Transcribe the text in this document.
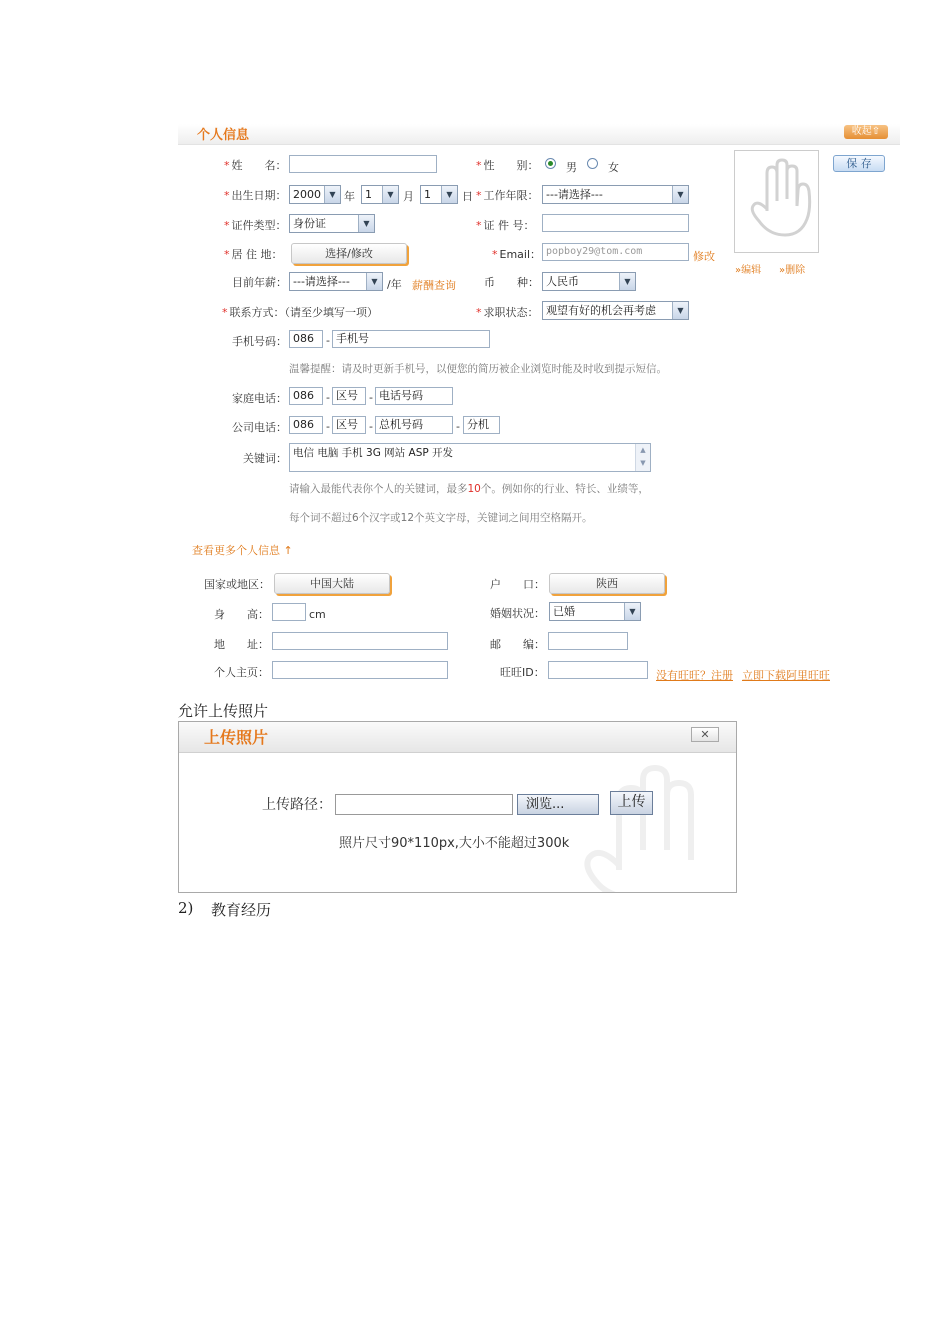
个人信息	收起⇧
* 姓　　名：	* 性　　别：	男	女	保 存
»编辑 »删除
* 出生日期： 2000	▼ 年 1	▼ 月 1	▼ 日 * 工作年限： ---请选择---	▼
* 证件类型： 身份证	▼	* 证 件 号：
* 居 住 地：	选择/修改	* Email： popboy29@tom.com	修改
目前年薪： ---请选择---	▼ /年 薪酬查询	币　　种： 人民币	▼
* 联系方式：（请至少填写一项）	* 求职状态： 观望有好的机会再考虑	▼
手机号码： 086	- 手机号
温馨提醒：请及时更新手机号，以便您的简历被企业浏览时能及时收到提示短信。
家庭电话： 086	- 区号	- 电话号码
公司电话： 086	- 区号	- 总机号码	- 分机
关键词： 电信 电脑 手机 3G 网站 ASP 开发	▲
▼
请输入最能代表你个人的关键词，最多10个。例如你的行业、特长、业绩等，
每个词不超过6个汉字或12个英文字母，关键词之间用空格隔开。
查看更多个人信息 ↑
国家或地区：	中国大陆	户　　口：	陕西
身　　高：	cm	婚姻状况： 已婚	▼
地　　址：	邮　　编：
个人主页：	旺旺ID：	没有旺旺？注册 立即下载阿里旺旺
允许上传照片
上传照片	✕
上传路径：	浏览...	上传
照片尺寸90*110px,大小不能超过300k
2) 教育经历
